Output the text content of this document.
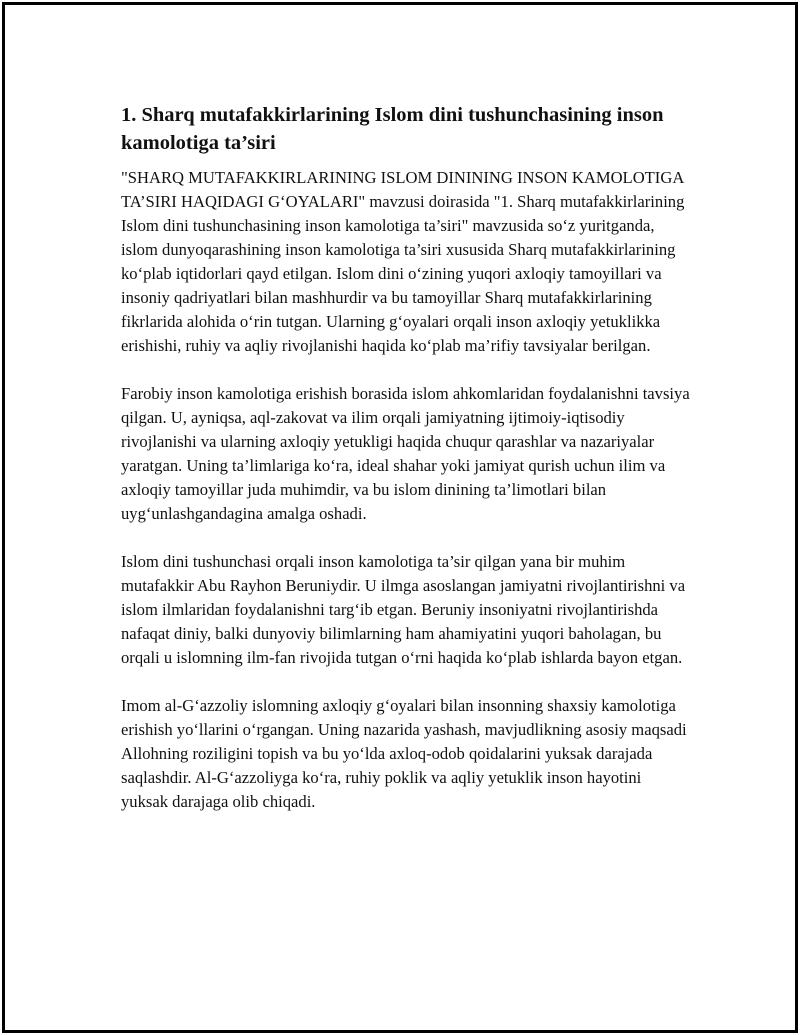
1. Sharq mutafakkirlarining Islom dini tushunchasining inson kamolotiga ta’siri

"SHARQ MUTAFAKKIRLARINING ISLOM DININING INSON KAMOLOTIGA TA’SIRI HAQIDAGI G‘OYALARI" mavzusi doirasida "1. Sharq mutafakkirlarining Islom dini tushunchasining inson kamolotiga ta’siri" mavzusida so‘z yuritganda, islom dunyoqarashining inson kamolotiga ta’siri xususida Sharq mutafakkirlarining ko‘plab iqtidorlari qayd etilgan. Islom dini o‘zining yuqori axloqiy tamoyillari va insoniy qadriyatlari bilan mashhurdir va bu tamoyillar Sharq mutafakkirlarining fikrlarida alohida o‘rin tutgan. Ularning g‘oyalari orqali inson axloqiy yetuklikka erishishi, ruhiy va aqliy rivojlanishi haqida ko‘plab ma’rifiy tavsiyalar berilgan.

Farobiy inson kamolotiga erishish borasida islom ahkomlaridan foydalanishni tavsiya qilgan. U, ayniqsa, aql-zakovat va ilim orqali jamiyatning ijtimoiy-iqtisodiy rivojlanishi va ularning axloqiy yetukligi haqida chuqur qarashlar va nazariyalar yaratgan. Uning ta’limlariga ko‘ra, ideal shahar yoki jamiyat qurish uchun ilim va axloqiy tamoyillar juda muhimdir, va bu islom dinining ta’limotlari bilan uyg‘unlashgandagina amalga oshadi.

Islom dini tushunchasi orqali inson kamolotiga ta’sir qilgan yana bir muhim mutafakkir Abu Rayhon Beruniydir. U ilmga asoslangan jamiyatni rivojlantirishni va islom ilmlaridan foydalanishni targ‘ib etgan. Beruniy insoniyatni rivojlantirishda nafaqat diniy, balki dunyoviy bilimlarning ham ahamiyatini yuqori baholagan, bu orqali u islomning ilm-fan rivojida tutgan o‘rni haqida ko‘plab ishlarda bayon etgan.

Imom al-G‘azzoliy islomning axloqiy g‘oyalari bilan insonning shaxsiy kamolotiga erishish yo‘llarini o‘rgangan. Uning nazarida yashash, mavjudlikning asosiy maqsadi Allohning roziligini topish va bu yo‘lda axloq-odob qoidalarini yuksak darajada saqlashdir. Al-G‘azzoliyga ko‘ra, ruhiy poklik va aqliy yetuklik inson hayotini yuksak darajaga olib chiqadi.
